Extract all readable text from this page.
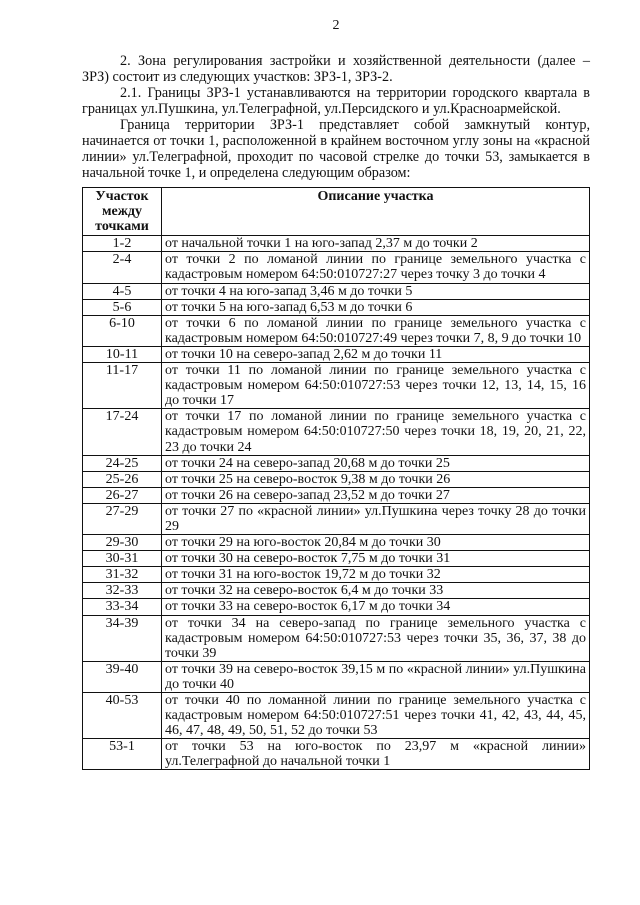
2

2. Зона регулирования застройки и хозяйственной деятельности (далее – ЗРЗ) состоит из следующих участков: ЗРЗ-1, ЗРЗ-2.

2.1. Границы ЗРЗ-1 устанавливаются на территории городского квартала в границах ул.Пушкина, ул.Телеграфной, ул.Персидского и ул.Красноармейской.

Граница территории ЗРЗ-1 представляет собой замкнутый контур, начинается от точки 1, расположенной в крайнем восточном углу зоны на «красной линии» ул.Телеграфной, проходит по часовой стрелке до точки 53, замыкается в начальной точке 1, и определена следующим образом:

Участок между точками	Описание участка
1-2	от начальной точки 1 на юго-запад 2,37 м до точки 2
2-4	от точки 2 по ломаной линии по границе земельного участка с кадастровым номером 64:50:010727:27 через точку 3 до точки 4
4-5	от точки 4 на юго-запад 3,46 м до точки 5
5-6	от точки 5 на юго-запад 6,53 м до точки 6
6-10	от точки 6 по ломаной линии по границе земельного участка с кадастровым номером 64:50:010727:49 через точки 7, 8, 9 до точки 10
10-11	от точки 10 на северо-запад 2,62 м до точки 11
11-17	от точки 11 по ломаной линии по границе земельного участка с кадастровым номером 64:50:010727:53 через точки 12, 13, 14, 15, 16 до точки 17
17-24	от точки 17 по ломаной линии по границе земельного участка с кадастровым номером 64:50:010727:50 через точки 18, 19, 20, 21, 22, 23 до точки 24
24-25	от точки 24 на северо-запад 20,68 м до точки 25
25-26	от точки 25 на северо-восток 9,38 м до точки 26
26-27	от точки 26 на северо-запад 23,52 м до точки 27
27-29	от точки 27 по «красной линии» ул.Пушкина через точку 28 до точки 29
29-30	от точки 29 на юго-восток 20,84 м до точки 30
30-31	от точки 30 на северо-восток 7,75 м до точки 31
31-32	от точки 31 на юго-восток 19,72 м до точки 32
32-33	от точки 32 на северо-восток 6,4 м до точки 33
33-34	от точки 33 на северо-восток 6,17 м до точки 34
34-39	от точки 34 на северо-запад по границе земельного участка с кадастровым номером 64:50:010727:53 через точки 35, 36, 37, 38 до точки 39
39-40	от точки 39 на северо-восток 39,15 м по «красной линии» ул.Пушкина до точки 40
40-53	от точки 40 по ломанной линии по границе земельного участка с кадастровым номером 64:50:010727:51 через точки 41, 42, 43, 44, 45, 46, 47, 48, 49, 50, 51, 52 до точки 53
53-1	от точки 53 на юго-восток по 23,97 м «красной линии» ул.Телеграфной до начальной точки 1
